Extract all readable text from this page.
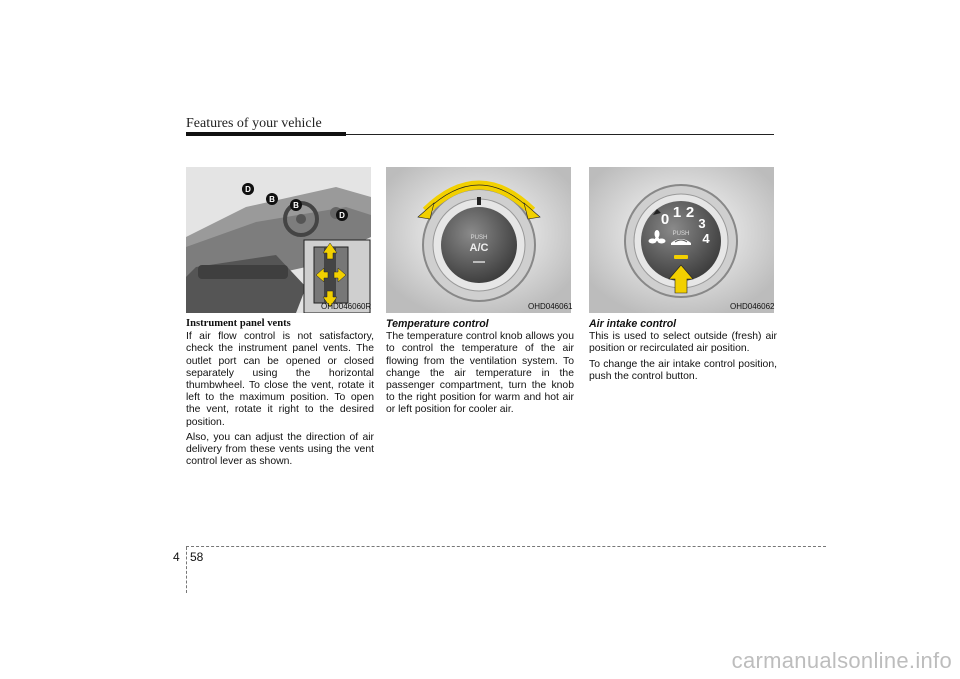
Features of your vehicle
D
B
B
D
OHD046060R
PUSH
A/C
OHD046061
0 1 2
3
4
PUSH
OHD046062
Instrument panel vents

If air flow control is not satisfactory, check the instrument panel vents. The outlet port can be opened or closed separately using the horizontal thumbwheel. To close the vent, rotate it left to the maximum position. To open the vent, rotate it right to the desired position.

Also, you can adjust the direction of air delivery from these vents using the vent control lever as shown.

Temperature control

The temperature control knob allows you to control the temperature of the air flowing from the ventilation system. To change the air temperature in the passenger compartment, turn the knob to the right position for warm and hot air or left position for cooler air.

Air intake control

This is used to select outside (fresh) air position or recirculated air position.

To change the air intake control position, push the control button.

4 58
carmanualsonline.info
